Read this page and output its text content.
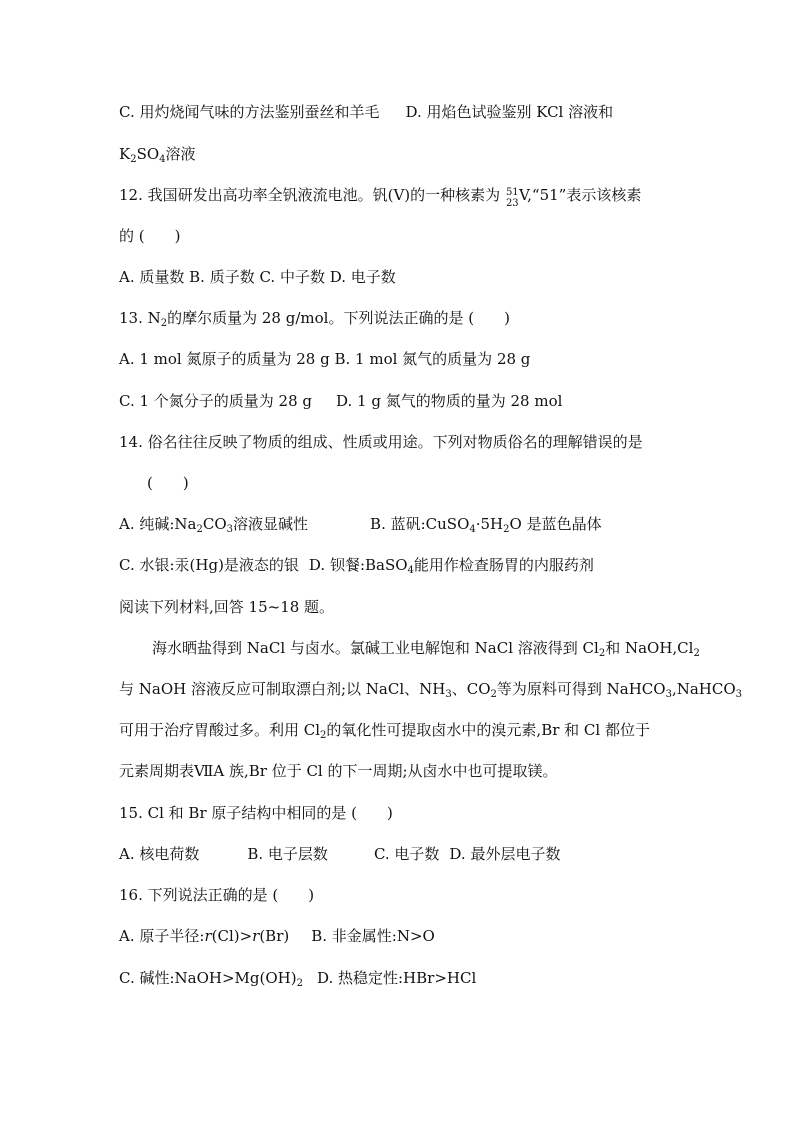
C. 用灼烧闻气味的方法鉴别蚕丝和羊毛 D. 用焰色试验鉴别 KCl 溶液和
$K_2SO_4$溶液
12. 我国研发出高功率全钒液流电池。钒(V)的一种核素为 51
23 V,“51”表示该核素
的 (　　)
A. 质量数 B. 质子数 C. 中子数 D. 电子数
13. $N_2$的摩尔质量为 28 g/mol。下列说法正确的是 (　　)
A. 1 mol 氮原子的质量为 28 g B. 1 mol 氮气的质量为 28 g
C. 1 个氮分子的质量为 28 g D. 1 g 氮气的物质的量为 28 mol
14. 俗名往往反映了物质的组成、性质或用途。下列对物质俗名的理解错误的是
(　　)
A. 纯碱$:Na_2CO_3$溶液显碱性	B. 蓝矾$:CuSO_4\cdot 5H_2O$ 是蓝色晶体
C. 水银:汞(Hg)是液态的银 D. 钡餐:BaSO$_4$能用作检查肠胃的内服药剂
阅读下列材料,回答 15~18 题。
海水晒盐得到 NaCl 与卤水。氯碱工业电解饱和 NaCl 溶液得到 $Cl_2$和 $NaOH,Cl_2$
与 NaOH 溶液反应可制取漂白剂;以 NaCl、$NH_3$、$CO_2$等为原料可得到 NaHCO$_3$,NaHCO$_3$
可用于治疗胃酸过多。利用 $Cl_2$的氧化性可提取卤水中的溴元素,Br 和 Cl 都位于
元素周期表ⅦA 族,Br 位于 Cl 的下一周期;从卤水中也可提取镁。
15. Cl 和 Br 原子结构中相同的是 (　　)
A. 核电荷数	B. 电子层数	C. 电子数 D. 最外层电子数
16. 下列说法正确的是 (　　)
A. 原子半径:r(Cl)>r(Br) B. 非金属性:N>O
C. 碱性$:NaOH>Mg(OH)_2$ D. 热稳定性:HBr>HCl
